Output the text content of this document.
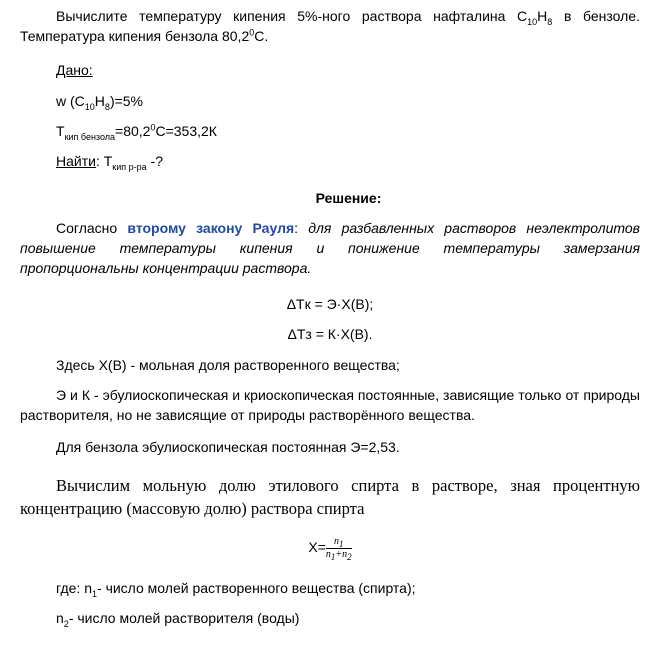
Вычислите температуру кипения 5%-ного раствора нафталина $C_{10}H_8$ в бензоле. Температура кипения бензола 80,2$^0$С.

Дано:

w $(C_{10}H_8)=5\%$

$T_{кип бензола}=80,2^0С=353,2К$

Найти: $T_{кип р-ра}$ -?

Решение:

Согласно второму закону Рауля: для разбавленных растворов неэлектролитов повышение температуры кипения и понижение температуры замерзания пропорциональны концентрации раствора.

ΔTк = Э·X(B);

ΔTз = К·X(B).

Здесь X(B) - мольная доля растворенного вещества;

Э и К - эбулиоскопическая и криоскопическая постоянные, зависящие только от природы растворителя, но не зависящие от природы растворённого вещества.

Для бензола эбулиоскопическая постоянная Э=2,53.

Вычислим мольную долю этилового спирта в растворе, зная процентную концентрацию (массовую долю) раствора спирта

$X= \frac{n_1}{n_1+n_2}$

где: $n_1-$ число молей растворенного вещества (спирта);

$n_2-$ число молей растворителя (воды)
